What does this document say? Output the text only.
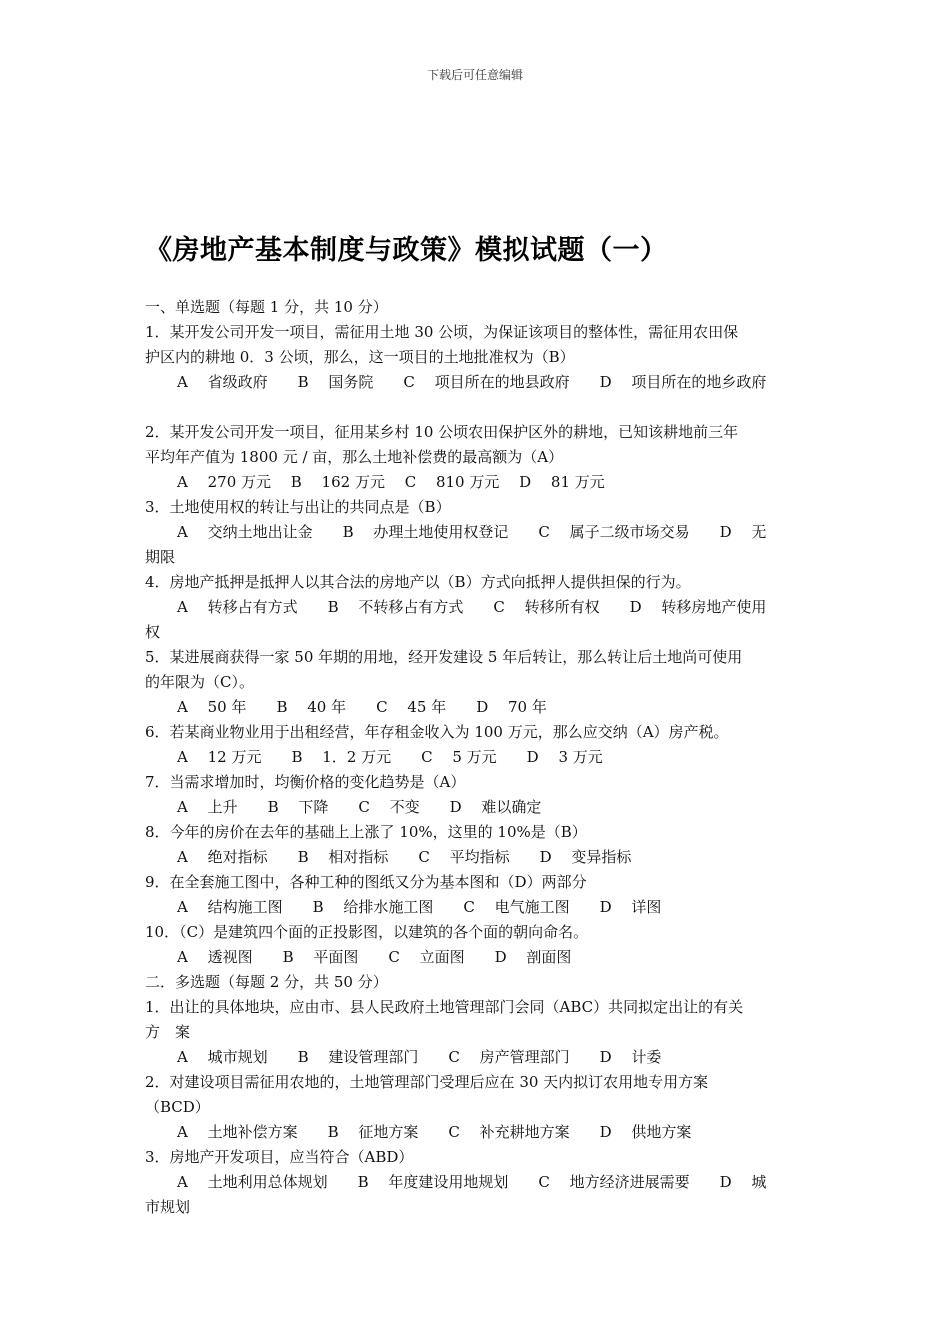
下载后可任意编辑
《房地产基本制度与政策》模拟试题（一）
一、单选题（每题 1 分，共 10 分）
1．某开发公司开发一项目，需征用土地 30 公顷，为保证该项目的整体性，需征用农田保
护区内的耕地 0．3 公顷，那么，这一项目的土地批准权为（B）
A　 省级政府　　B　 国务院　　C　 项目所在的地县政府　　D　 项目所在的地乡政府
2．某开发公司开发一项目，征用某乡村 10 公顷农田保护区外的耕地，已知该耕地前三年
平均年产值为 1800 元 / 亩，那么土地补偿费的最高额为（A）
A　 270 万元　 B　 162 万元　 C　 810 万元　 D　 81 万元
3．土地使用权的转让与出让的共同点是（B）
A　 交纳土地出让金　　B　 办理土地使用权登记　　C　 属子二级市场交易　　D　 无
期限
4．房地产抵押是抵押人以其合法的房地产以（B）方式向抵押人提供担保的行为。
A　 转移占有方式　　B　 不转移占有方式　　C　 转移所有权　　D　 转移房地产使用
权
5．某进展商获得一家 50 年期的用地，经开发建设 5 年后转让，那么转让后土地尚可使用
的年限为（C）。
A　 50 年　　B　 40 年　　C　 45 年　　D　 70 年
6．若某商业物业用于出租经营，年存租金收入为 100 万元，那么应交纳（A）房产税。
A　 12 万元　　B　 1．2 万元　　C　 5 万元　　D　 3 万元
7．当需求增加时，均衡价格的变化趋势是（A）
A　 上升　　B　 下降　　C　 不变　　D　 难以确定
8．今年的房价在去年的基础上上涨了 10%，这里的 10%是（B）
A　 绝对指标　　B　 相对指标　　C　 平均指标　　D　 变异指标
9．在全套施工图中，各种工种的图纸又分为基本图和（D）两部分
A　 结构施工图　　B　 给排水施工图　　C　 电气施工图　　D　 详图
10．（C）是建筑四个面的正投影图，以建筑的各个面的朝向命名。
A　 透视图　　B　 平面图　　C　 立面图　　D　 剖面图
二．多选题（每题 2 分，共 50 分）
1．出让的具体地块，应由市、县人民政府土地管理部门会同（ABC）共同拟定出让的有关
方　案
A　 城市规划　　B　 建设管理部门　　C　 房产管理部门　　D　 计委
2．对建设项目需征用农地的，土地管理部门受理后应在 30 天内拟订农用地专用方案
（BCD）
A　 土地补偿方案　　B　 征地方案　　C　 补充耕地方案　　D　 供地方案
3．房地产开发项目，应当符合（ABD）
A　 土地利用总体规划　　B　 年度建设用地规划　　C　 地方经济进展需要　　D　 城
市规划
